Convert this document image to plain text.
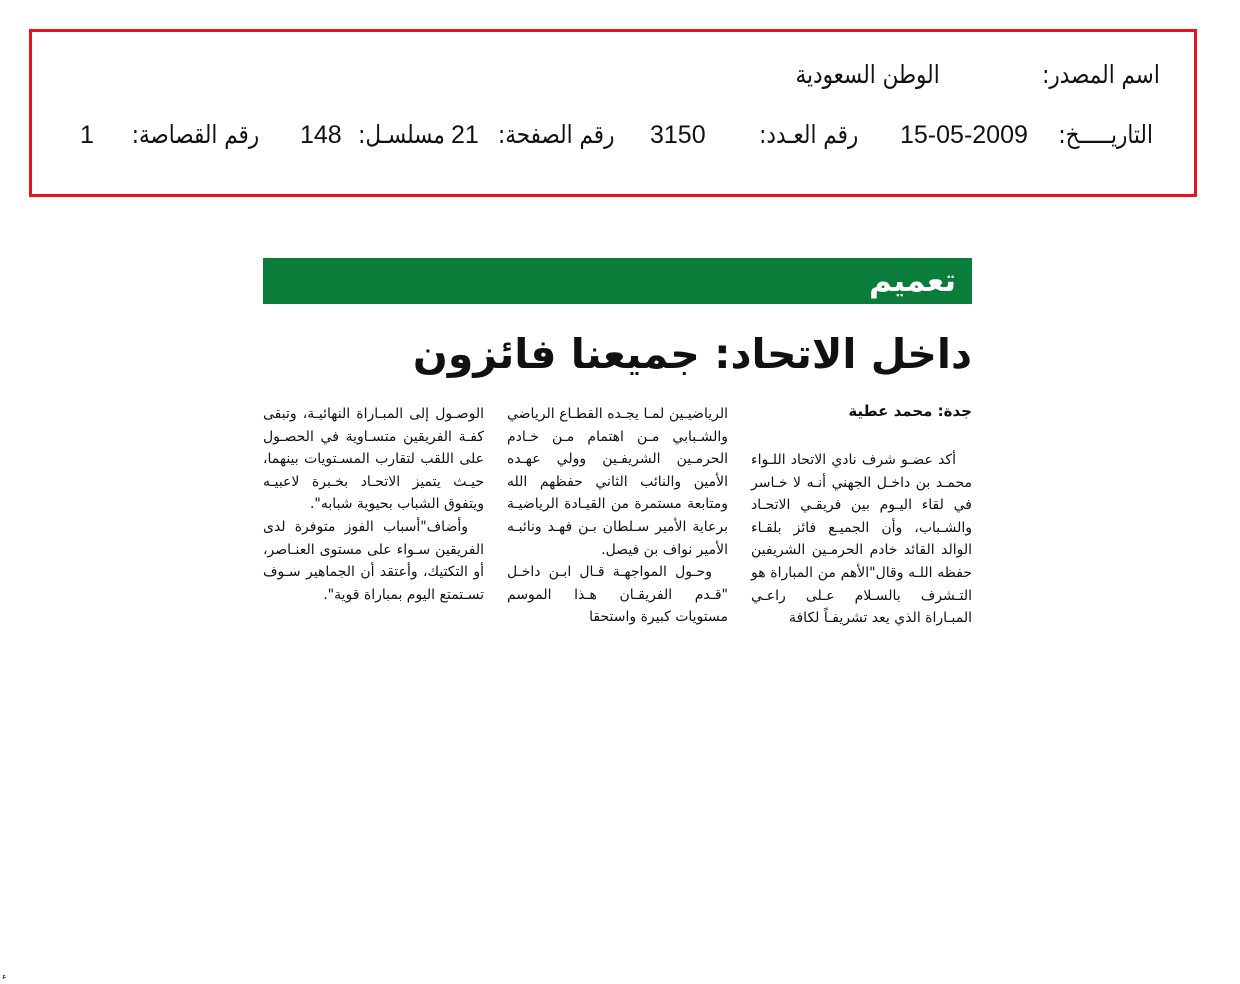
اسم المصدر:
الوطن السعودية
التاريـــــخ:
15-05-2009
رقم العـدد:
3150
رقم الصفحة:
21
مسلسـل:
148
رقم القصاصة:
1
تعميم
داخل الاتحاد: جميعنا فائزون
جدة: محمد عطية

أكد عضـو شرف نادي الاتحاد اللـواء محمـد بن داخـل الجهني أنـه لا خـاسر في لقاء اليـوم بين فريقـي الاتحـاد والشـباب، وأن الجميـع فائز بلقـاء الوالد القائد خادم الحرمـين الشريفين حفظه اللـه وقال"الأهم من المباراة هو التـشرف بالسـلام عـلى راعـي المبـاراة الذي يعد تشريفـاً لكافة

الرياضيـين لمـا يجـده القطـاع الرياضي والشـبابي مـن اهتمام مـن خـادم الحرمـين الشريفـين وولي عهـده الأمين والنائب الثاني حفظهم الله ومتابعة مستمرة من القيـادة الرياضيـة برعاية الأمير سـلطان بـن فهـد ونائبـه الأمير نواف بن فيصل.

وحـول المواجهـة قـال ابـن داخـل "قـدم الفريقـان هـذا الموسم مستويات كبيرة واستحقا

الوصـول إلى المبـاراة النهائيـة، وتبقى كفـة الفريقين متسـاوية في الحصـول على اللقب لتقارب المسـتويات بينهما، حيـث يتميز الاتحـاد بخـبرة لاعبيـه ويتفوق الشباب بحيوية شبابه".

وأضاف"أسباب الفوز متوفرة لدى الفريقين سـواء على مستوى العنـاصر، أو التكتيك، وأعتقد أن الجماهير سـوف تسـتمتع اليوم بمباراة قوية".

ء
